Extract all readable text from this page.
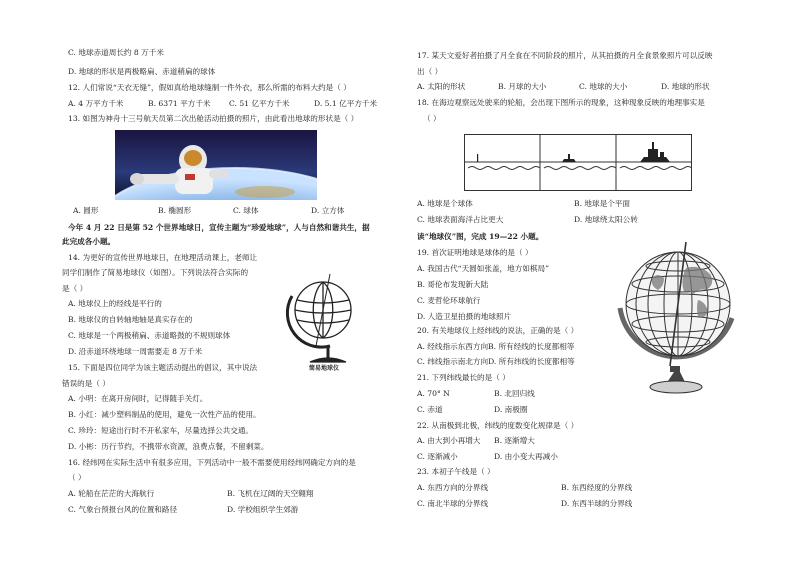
C. 地球赤道周长约 8 万千米
D. 地球的形状是两极略扁、赤道稍扁的球体
12. 人们常说“天衣无缝”，假如真给地球缝制一件外衣，那么所需的布料大约是（ ）
A. 4 万平方千米	B. 6371 平方千米 C. 51 亿平方千米	D. 5.1 亿平方千米
13. 如图为神舟十三号航天员第二次出舱活动拍摄的照片，由此看出地球的形状是（ ）
A. 圆形	B. 椭圆形	C. 球体	D. 立方体
今年 4 月 22 日是第 52 个世界地球日，宣传主题为“珍爱地球”，人与自然和谐共生，据
此完成各小题。
14. 为更好的宣传世界地球日，在地理活动课上，老师让
同学们制作了简易地球仪（如图）。下列说法符合实际的
是（ ）
A. 地球仪上的经线是平行的
B. 地球仪的自转轴地轴是真实存在的
C. 地球是一个两极稍扁、赤道略鼓的不规则球体
D. 沿赤道环绕地球一周需要走 8 万千米
简易地球仪
15. 下面是四位同学为该主题活动提出的倡议，其中说法
错误的是（ ）
A. 小明：在离开房间时，记得随手关灯。
B. 小红：减少塑料制品的使用，避免一次性产品的使用。
C. 珍玲：短途出行时不开私家车，尽量选择公共交通。
D. 小彬：历行节约，不携带水资源，浪费点餐，不留剩菜。
16. 经纬网在实际生活中有很多应用，下列活动中一般不需要使用经纬网确定方向的是
（ ）
A. 轮船在茫茫的大海航行	B. 飞机在辽阔的天空翱翔
C. 气象台预报台风的位置和路径	D. 学校组织学生郊游
17. 某天文爱好者拍摄了月全食在不同阶段的照片，从其拍摄的月全食景象照片可以反映
出（ ）
A. 太阳的形状	B. 月球的大小	C. 地球的大小	D. 地球的形状
18. 在海边观察远处驶来的轮船，会出现下图所示的现象，这种现象反映的地理事实是
（ ）
A. 地球是个球体	B. 地球是个平面
C. 地球表面海洋占比更大	D. 地球绕太阳公转
读“地球仪”图，完成 19—22 小题。
19. 首次证明地球是球体的是（ ）
A. 我国古代“天圆如张盖，地方如棋局”
B. 哥伦布发现新大陆
C. 麦哲伦环球航行
D. 人造卫星拍摄的地球照片
20. 有关地球仪上经纬线的说法，正确的是（ ）
A. 经线指示东西方向B. 所有经线的长度都相等
C. 纬线指示南北方向D. 所有纬线的长度都相等
21. 下列纬线最长的是（ ）
A. 70° N	B. 北回归线
C. 赤道	D. 南极圈
22. 从南极到北极，纬线的度数变化规律是（ ）
A. 由大到小再增大 B. 逐渐增大
C. 逐渐减小	D. 由小变大再减小
23. 本初子午线是（ ）
A. 东西方向的分界线	B. 东西经度的分界线
C. 南北半球的分界线	D. 东西半球的分界线
